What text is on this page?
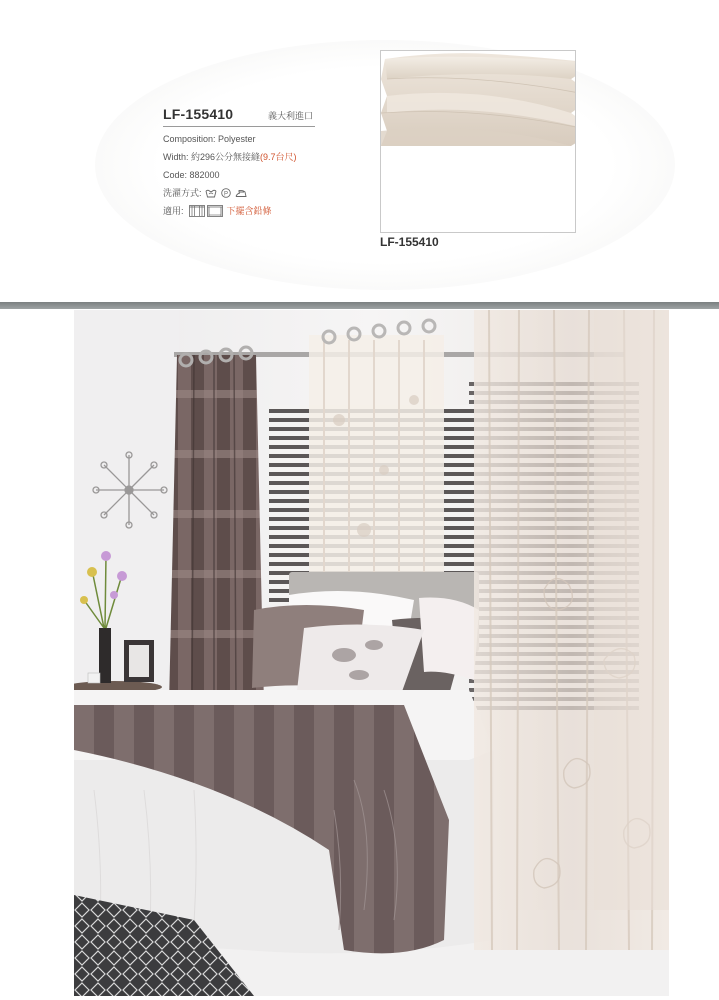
LF-155410	義大利進口
Composition: Polyester
Width: 約296公分無接縫 (9.7台尺)
Code: 882000
洗濯方式:	P
適用:	下擺含鉛條
LF-155410
